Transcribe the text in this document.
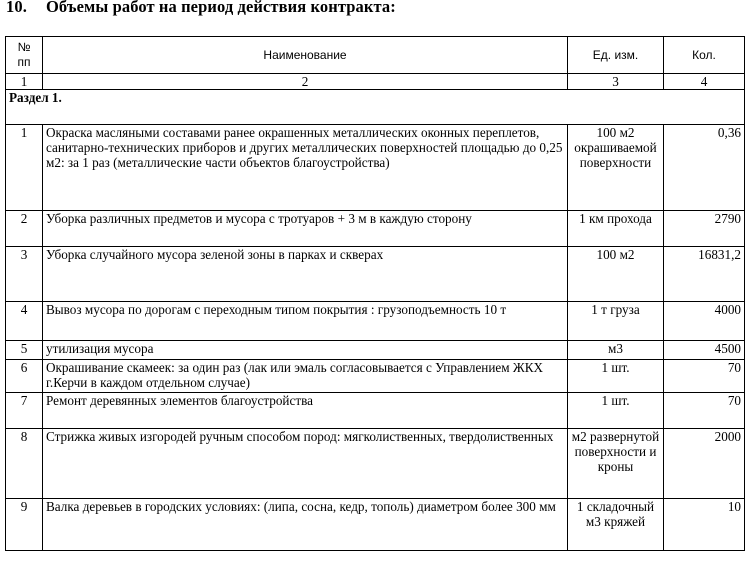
10. Объемы работ на период действия контракта:
№
пп	Наименование	Ед. изм.	Кол.
1	2	3	4
Раздел 1.			
1	Окраска масляными составами ранее окрашенных металлических оконных переплетов, санитарно-технических приборов и других металлических поверхностей площадью до 0,25 м2: за 1 раз (металлические части объектов благоустройства)	100 м2 окрашиваемой поверхности	0,36
2	Уборка различных предметов и мусора с тротуаров + 3 м в каждую сторону	1 км прохода	2790
3	Уборка случайного мусора зеленой зоны в парках и скверах	100 м2	16831,2
4	Вывоз мусора по дорогам с переходным типом покрытия : грузоподъемность 10 т	1 т груза	4000
5	утилизация мусора	м3	4500
6	Окрашивание скамеек: за один раз (лак или эмаль согласовывается с Управлением ЖКХ г.Керчи в каждом отдельном случае)	1 шт.	70
7	Ремонт деревянных элементов благоустройства	1 шт.	70
8	Стрижка живых изгородей ручным способом пород: мягколиственных, твердолиственных	м2 развернутой поверхности и кроны	2000
9	Валка деревьев в городских условиях: (липа, сосна, кедр, тополь) диаметром более 300 мм	1 складочный м3 кряжей	10
